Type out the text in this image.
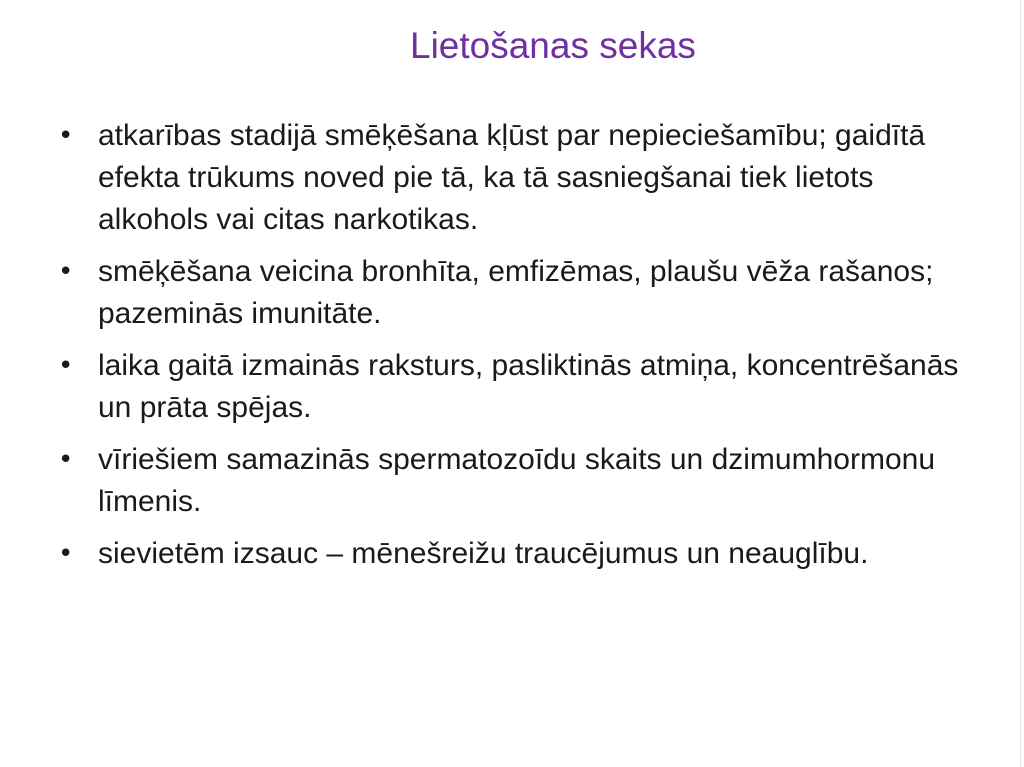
Lietošanas sekas
• atkarības stadijā smēķēšana kļūst par nepieciešamību; gaidītā efekta trūkums noved pie tā, ka tā sasniegšanai tiek lietots alkohols vai citas narkotikas.
• smēķēšana veicina bronhīta, emfizēmas, plaušu vēža rašanos; pazeminās imunitāte.
• laika gaitā izmainās raksturs, pasliktinās atmiņa, koncentrēšanās un prāta spējas.
• vīriešiem samazinās spermatozoīdu skaits un dzimumhormonu līmenis.
• sievietēm izsauc – mēnešreižu traucējumus un neauglību.
